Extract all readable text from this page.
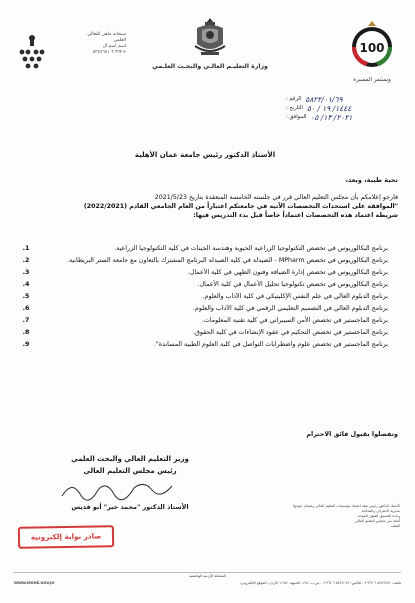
سبحانه ماهي للتعالي
العلمي
اسم اسم ال
+٩٦٢ ٦ ٥٣٤٧٦٧١
وزارة التعليـم العالـي والبحـث العلـمي
100
ونستمر المسيرة
الرقم : ٥٨٢٢/٠١/٦٩
التاريخ : ١٤٤٤/ ١٩ / ٥٠
الموافق : ٢٠٢١/ ١٣/ ٠٥
الأستاذ الدكتور رئيس جامعة عمان الأهلية
تحية طيبة، وبعد،
فارجو إعلامكم بأن مجلس التعليم العالي قرر في جلسته الخامسة المنعقدة بتاريخ 2021/5/23
"الموافقة على استحداث التخصصات الآتية في جامعتكم اعتباراً من العام الجامعي القادم (2022/2021)
شريطة اعتماد هذه التخصصات اعتماداً خاصاً قبل بدء التدريس فيها:
1.	برنامج البكالوريوس في تخصص التكنولوجيا الزراعية الحيوية وهندسة الجينات في كلية التكنولوجيا الزراعية.
2.	برنامج البكالوريوس في تخصص MPharm - الصيدلة في كلية الصيدلة البرنامج المشترك بالتعاون مع جامعة الستر البريطانية.
3.	برنامج البكالوريوس في تخصص إدارة الضيافة وفنون الطهي في كلية الأعمال.
4.	برنامج البكالوريوس في تخصص تكنولوجيا تحليل الأعمال في كلية الأعمال.
5.	برنامج الدبلوم العالي في علم النفس الإكلينيكي في كلية الآداب والعلوم.
6.	برنامج الدبلوم العالي في التصميم التعليمي الرقمي في كلية الآداب والعلوم.
7.	برنامج الماجستير في تخصص الأمن السيبراني في كلية تقنية المعلومات.
8.	برنامج الماجستير في تخصص التحكيم في عقود الإنشاءات في كلية الحقوق.
9.	برنامج الماجستير في تخصص علوم واضطرابات التواصل في كلية العلوم الطبية المساندة".
وتفضلوا بقبول فائق الاحترام
وزير التعليم العالي والبحث العلمي
رئيس مجلس التعليم العالي
الأستاذ الدكتور "محمد خير" أبو قديس	الأستاذ الدكتور رئيس هيئة اعتماد مؤسسات التعليم العالي وضمان جودتها
مديرية الاعتراف والمعادلة
وحدة التنسيق القبول الموحد
أمانة سر مجلس التعليم العالي
الملف
صادر بوابة إلكترونية
المملكة الأردنية الهاشمية
هاتف: ٥٣٤٧٦٧١ ٦ ٩٦٢+ ، فاكس: ٥٣٤٩٠٧٩ ٦ ٩٦٢+ ، ص.ب: ١٣٨، الجبيهة ١١٩٤١ الأردن، الموقع الإلكتروني:
WWW.MOHE.GOV.JO
